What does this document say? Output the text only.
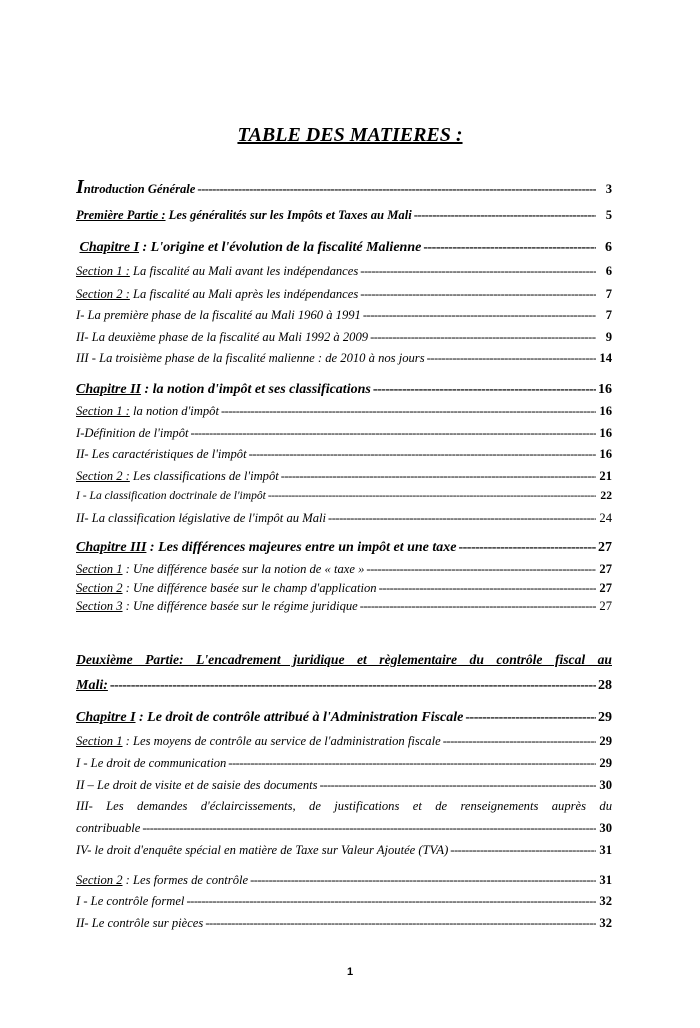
TABLE DES MATIERES :
Introduction Générale -----	3
Première Partie : Les généralités sur les Impôts et Taxes au Mali -----	5
Chapitre I : L'origine et l'évolution de la fiscalité Malienne -----	6
Section 1 : La fiscalité au Mali avant les indépendances -----	6
Section 2 : La fiscalité au Mali après les indépendances -----	7
I- La première phase de la fiscalité au Mali 1960 à 1991 -----	7
II- La deuxième phase de la fiscalité au Mali 1992 à 2009 -----	9
III - La troisième phase de la fiscalité malienne : de 2010 à nos jours -----	14
Chapitre II : la notion d'impôt et ses classifications -----	16
Section 1 : la notion d'impôt -----	16
I-Définition de l'impôt -----	16
II- Les caractéristiques de l'impôt -----	16
Section 2 : Les classifications de l'impôt -----	21
I - La classification doctrinale de l'impôt -----	22
II- La classification législative de l'impôt au Mali -----	24
Chapitre III : Les différences majeures entre un impôt et une taxe -----	27
Section 1 : Une différence basée sur la notion de « taxe » -----	27
Section 2 : Une différence basée sur le champ d'application -----	27
Section 3 : Une différence basée sur le régime juridique -----	27
Deuxième Partie: L'encadrement juridique et règlementaire du contrôle fiscal au
Mali: -----	28
Chapitre I : Le droit de contrôle attribué à l'Administration Fiscale -----	29
Section 1 : Les moyens de contrôle au service de l'administration fiscale -----	29
I - Le droit de communication -----	29
II – Le droit de visite et de saisie des documents -----	30
III- Les demandes d'éclaircissements, de justifications et de renseignements auprès du
contribuable -----	30
IV- le droit d'enquête spécial en matière de Taxe sur Valeur Ajoutée (TVA) -----	31
Section 2 : Les formes de contrôle -----	31
I - Le contrôle formel -----	32
II- Le contrôle sur pièces -----	32
1
